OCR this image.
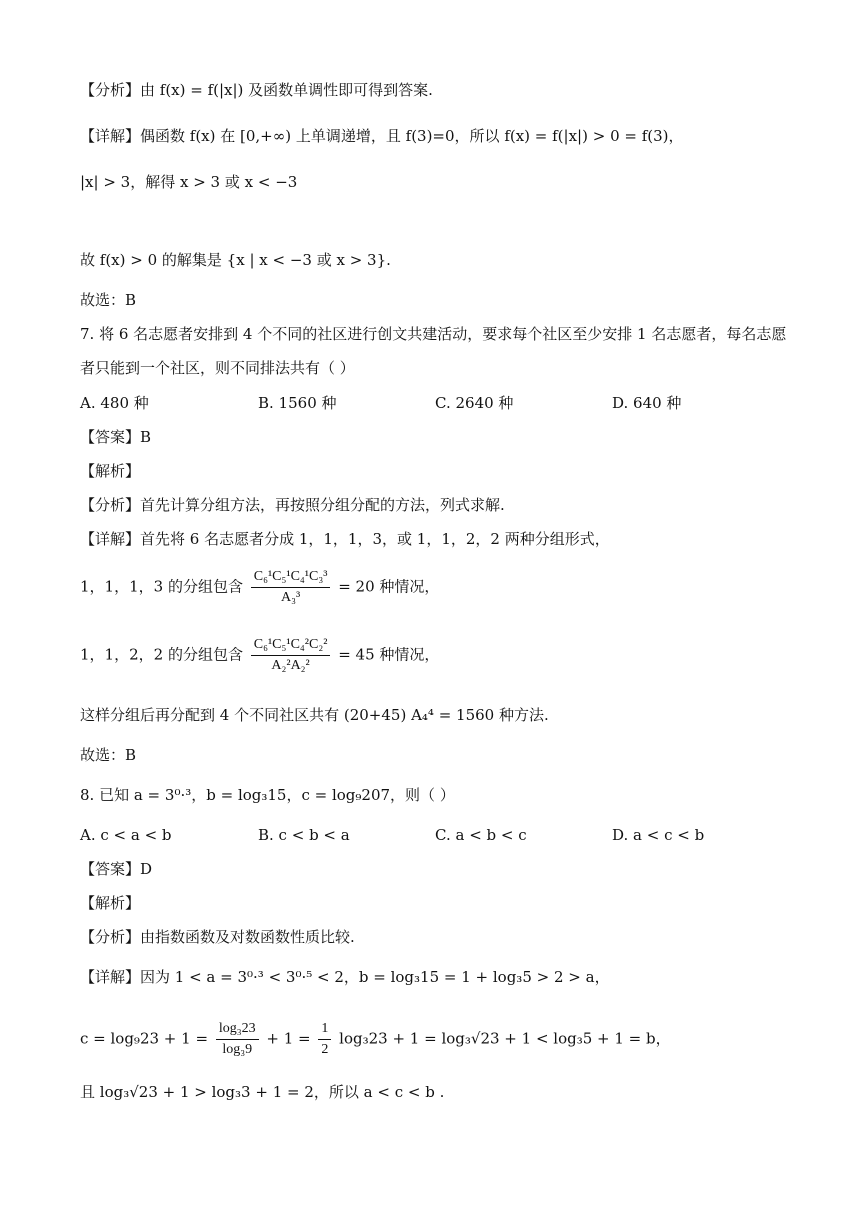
【分析】由 f(x) = f(|x|) 及函数单调性即可得到答案.
【详解】偶函数 f(x) 在 [0,+∞) 上单调递增，且 f(3)=0，所以 f(x) = f(|x|) > 0 = f(3)，
|x| > 3，解得 x > 3 或 x < −3
故 f(x) > 0 的解集是 {x | x < −3 或 x > 3}.
故选：B
7. 将 6 名志愿者安排到 4 个不同的社区进行创文共建活动，要求每个社区至少安排 1 名志愿者，每名志愿
者只能到一个社区，则不同排法共有（ ）
A. 480 种	B. 1560 种	C. 2640 种	D. 640 种
【答案】B
【解析】
【分析】首先计算分组方法，再按照分组分配的方法，列式求解.
【详解】首先将 6 名志愿者分成 1，1，1，3，或 1，1，2，2 两种分组形式，
1，1，1，3 的分组包含 $\frac{\text{C₆¹C₅¹C₄¹C₃³}}{\text{A₃³}} = 20$ 种情况，
1，1，2，2 的分组包含 $\frac{\text{C₆¹C₅¹C₄²C₂²}}{\text{A₂²A₂²}} = 45$ 种情况，
这样分组后再分配到 4 个不同社区共有 (20+45) A₄⁴ = 1560 种方法.
故选：B
8. 已知 a = 3⁰·³，b = log₃15，c = log₉207，则（ ）
A. c < a < b	B. c < b < a	C. a < b < c	D. a < c < b
【答案】D
【解析】
【分析】由指数函数及对数函数性质比较.
【详解】因为 1 < a = 3⁰·³ < 3⁰·⁵ < 2，b = log₃15 = 1 + log₃5 > 2 > a，
$c = \log_923 + 1 = \frac{\text{log₃23}}{\text{log₃9}} + 1 = \frac{1}{2} \log_323 + 1 = \log_3√23 + 1 < \log_35 + 1 = b$，
且 log₃√23 + 1 > log₃3 + 1 = 2，所以 a < c < b .
